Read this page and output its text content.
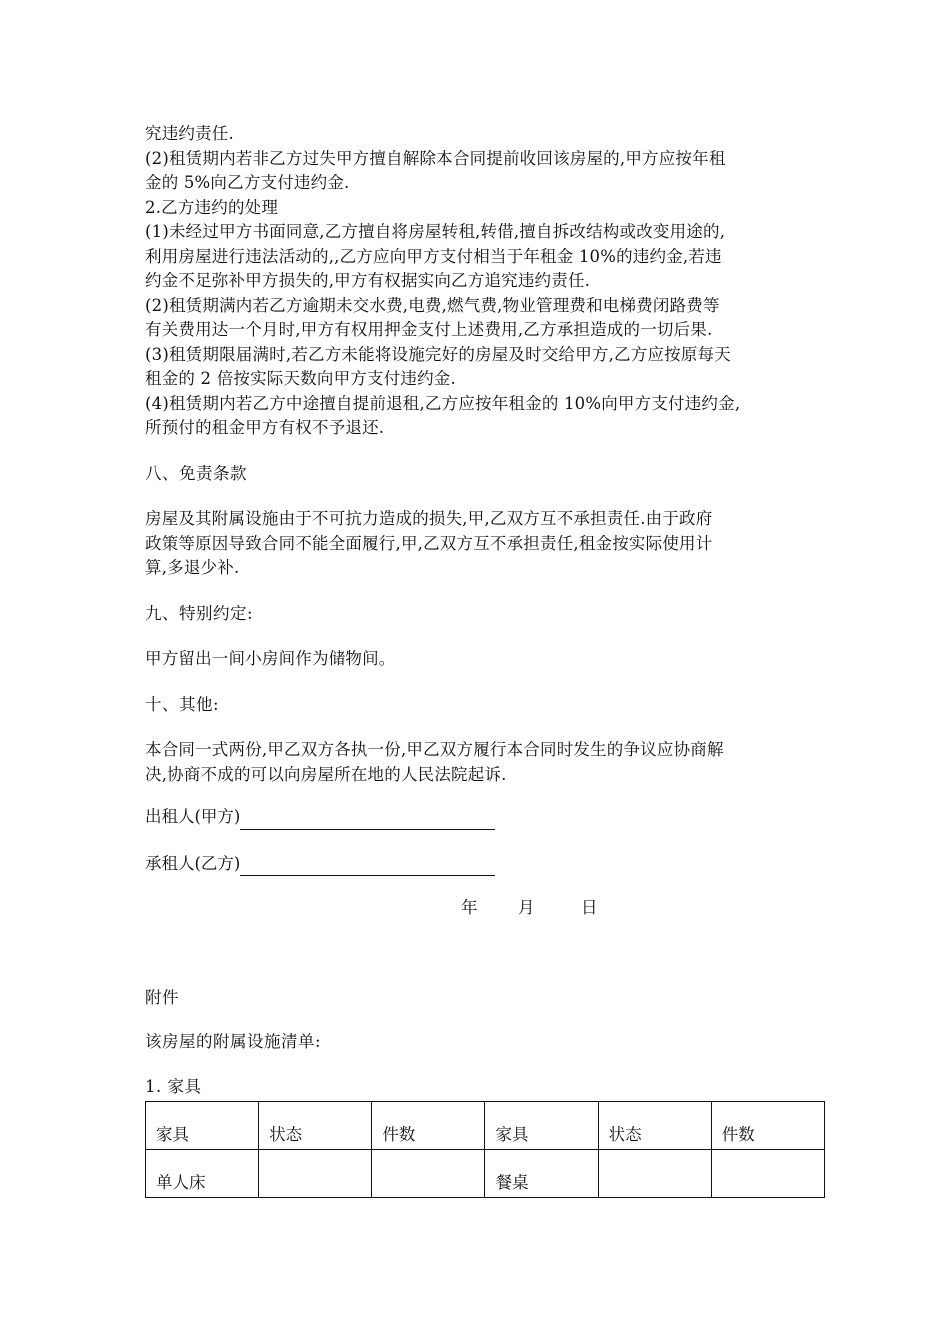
究违约责任.

(2)租赁期内若非乙方过失甲方擅自解除本合同提前收回该房屋的,甲方应按年租

金的 5%向乙方支付违约金.

2.乙方违约的处理

(1)未经过甲方书面同意,乙方擅自将房屋转租,转借,擅自拆改结构或改变用途的,

利用房屋进行违法活动的,,乙方应向甲方支付相当于年租金 10%的违约金,若违

约金不足弥补甲方损失的,甲方有权据实向乙方追究违约责任.

(2)租赁期满内若乙方逾期未交水费,电费,燃气费,物业管理费和电梯费闭路费等

有关费用达一个月时,甲方有权用押金支付上述费用,乙方承担造成的一切后果.

(3)租赁期限届满时,若乙方未能将设施完好的房屋及时交给甲方,乙方应按原每天

租金的 2 倍按实际天数向甲方支付违约金.

(4)租赁期内若乙方中途擅自提前退租,乙方应按年租金的 10%向甲方支付违约金,

所预付的租金甲方有权不予退还.

八、免责条款

房屋及其附属设施由于不可抗力造成的损失,甲,乙双方互不承担责任.由于政府

政策等原因导致合同不能全面履行,甲,乙双方互不承担责任,租金按实际使用计

算,多退少补.

九、特别约定:

甲方留出一间小房间作为储物间。

十、其他:

本合同一式两份,甲乙双方各执一份,甲乙双方履行本合同时发生的争议应协商解

决,协商不成的可以向房屋所在地的人民法院起诉.

出租人(甲方)
承租人(乙方)
年 月	日

附件

该房屋的附属设施清单:

1. 家具

家具	状态	件数	家具	状态	件数
单人床			餐桌		
